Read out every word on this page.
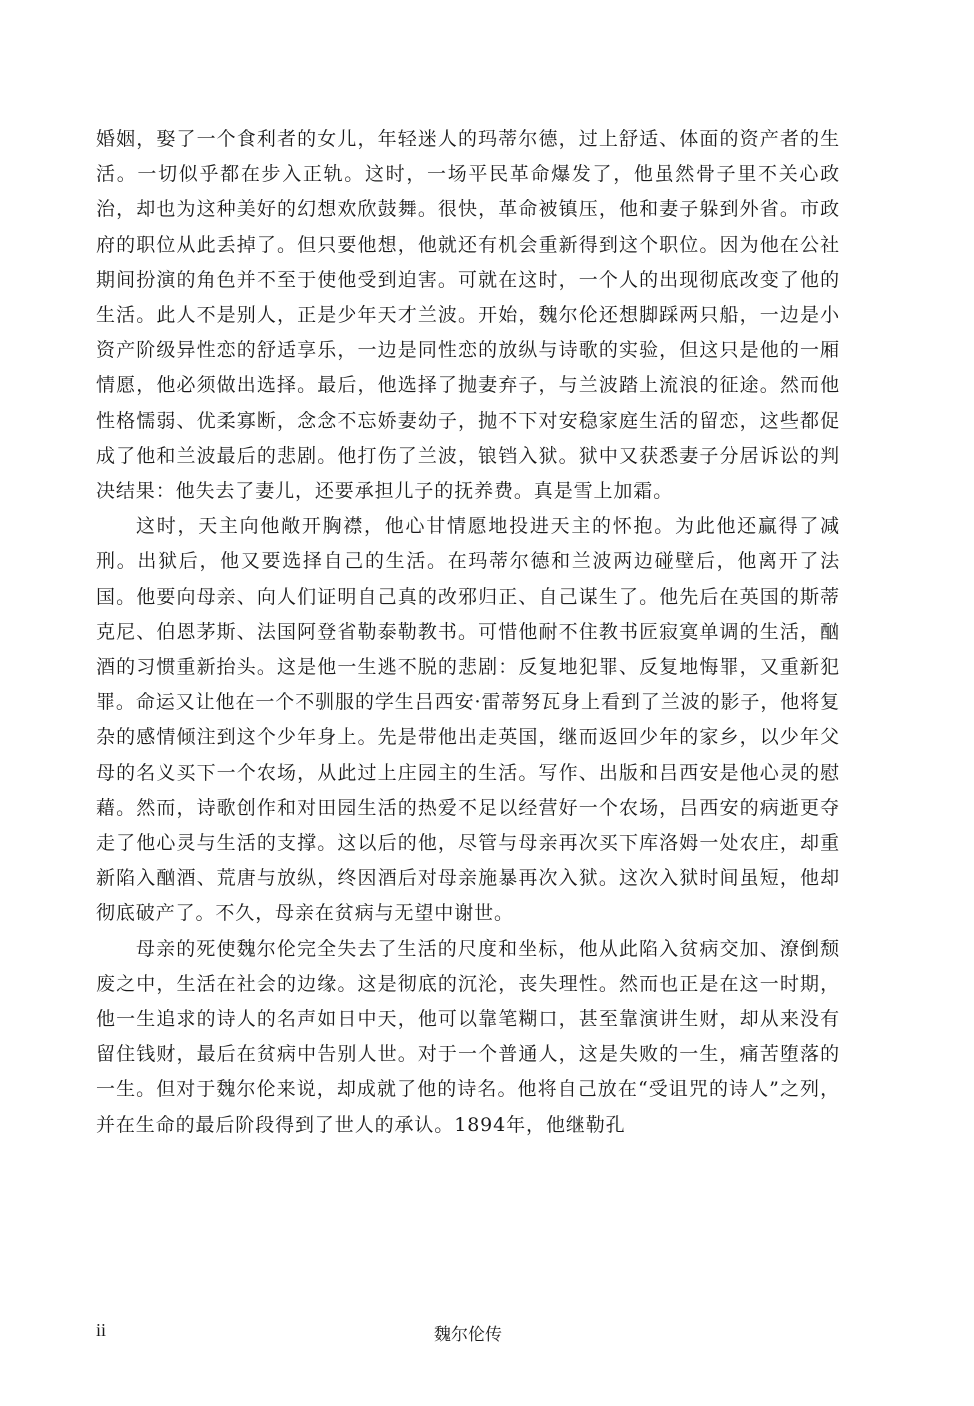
婚姻，娶了一个食利者的女儿，年轻迷人的玛蒂尔德，过上舒适、体面的资产者的生活。一切似乎都在步入正轨。这时，一场平民革命爆发了，他虽然骨子里不关心政治，却也为这种美好的幻想欢欣鼓舞。很快，革命被镇压，他和妻子躲到外省。市政府的职位从此丢掉了。但只要他想，他就还有机会重新得到这个职位。因为他在公社期间扮演的角色并不至于使他受到迫害。可就在这时，一个人的出现彻底改变了他的生活。此人不是别人，正是少年天才兰波。开始，魏尔伦还想脚踩两只船，一边是小资产阶级异性恋的舒适享乐，一边是同性恋的放纵与诗歌的实验，但这只是他的一厢情愿，他必须做出选择。最后，他选择了抛妻弃子，与兰波踏上流浪的征途。然而他性格懦弱、优柔寡断，念念不忘娇妻幼子，抛不下对安稳家庭生活的留恋，这些都促成了他和兰波最后的悲剧。他打伤了兰波，锒铛入狱。狱中又获悉妻子分居诉讼的判决结果：他失去了妻儿，还要承担儿子的抚养费。真是雪上加霜。

这时，天主向他敞开胸襟，他心甘情愿地投进天主的怀抱。为此他还赢得了减刑。出狱后，他又要选择自己的生活。在玛蒂尔德和兰波两边碰壁后，他离开了法国。他要向母亲、向人们证明自己真的改邪归正、自己谋生了。他先后在英国的斯蒂克尼、伯恩茅斯、法国阿登省勒泰勒教书。可惜他耐不住教书匠寂寞单调的生活，酗酒的习惯重新抬头。这是他一生逃不脱的悲剧：反复地犯罪、反复地悔罪，又重新犯罪。命运又让他在一个不驯服的学生吕西安·雷蒂努瓦身上看到了兰波的影子，他将复杂的感情倾注到这个少年身上。先是带他出走英国，继而返回少年的家乡，以少年父母的名义买下一个农场，从此过上庄园主的生活。写作、出版和吕西安是他心灵的慰藉。然而，诗歌创作和对田园生活的热爱不足以经营好一个农场，吕西安的病逝更夺走了他心灵与生活的支撑。这以后的他，尽管与母亲再次买下库洛姆一处农庄，却重新陷入酗酒、荒唐与放纵，终因酒后对母亲施暴再次入狱。这次入狱时间虽短，他却彻底破产了。不久，母亲在贫病与无望中谢世。

母亲的死使魏尔伦完全失去了生活的尺度和坐标，他从此陷入贫病交加、潦倒颓废之中，生活在社会的边缘。这是彻底的沉沦，丧失理性。然而也正是在这一时期，他一生追求的诗人的名声如日中天，他可以靠笔糊口，甚至靠演讲生财，却从来没有留住钱财，最后在贫病中告别人世。对于一个普通人，这是失败的一生，痛苦堕落的一生。但对于魏尔伦来说，却成就了他的诗名。他将自己放在“受诅咒的诗人”之列，并在生命的最后阶段得到了世人的承认。1894年，他继勒孔

ii	魏尔伦传
